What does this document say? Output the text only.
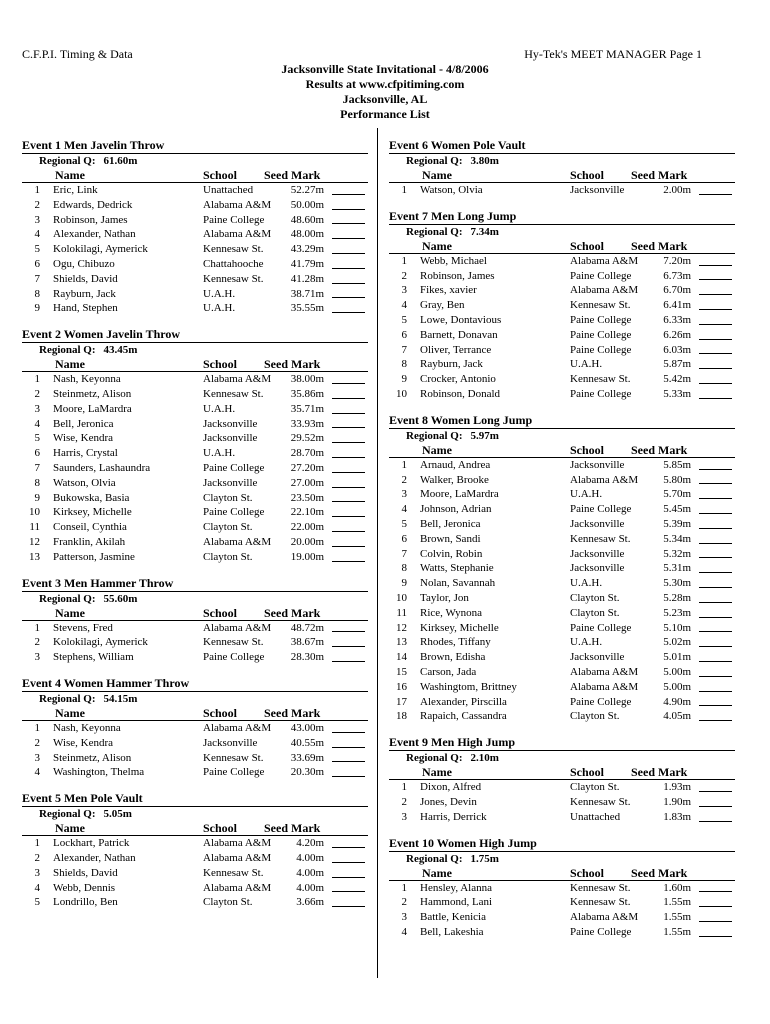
C.F.P.I. Timing & Data	Hy-Tek's MEET MANAGER Page 1
Jacksonville State Invitational - 4/8/2006
Results at www.cfpitiming.com
Jacksonville, AL
Performance List
Event 1 Men Javelin Throw
Regional Q: 61.60m
Name	School Seed Mark
1 Eric, Link	Unattached	52.27m
2 Edwards, Dedrick	Alabama A&M 50.00m
3 Robinson, James	Paine College 48.60m
4 Alexander, Nathan	Alabama A&M 48.00m
5 Kolokilagi, Aymerick	Kennesaw St. 43.29m
6 Ogu, Chibuzo	Chattahooche 41.79m
7 Shields, David	Kennesaw St. 41.28m
8 Rayburn, Jack	U.A.H.	38.71m
9 Hand, Stephen	U.A.H.	35.55m
Event 2 Women Javelin Throw
Regional Q: 43.45m
Name	School Seed Mark
1 Nash, Keyonna	Alabama A&M 38.00m
2 Steinmetz, Alison	Kennesaw St. 35.86m
3 Moore, LaMardra	U.A.H.	35.71m
4 Bell, Jeronica	Jacksonville	33.93m
5 Wise, Kendra	Jacksonville	29.52m
6 Harris, Crystal	U.A.H.	28.70m
7 Saunders, Lashaundra	Paine College 27.20m
8 Watson, Olvia	Jacksonville	27.00m
9 Bukowska, Basia	Clayton St.	23.50m
10 Kirksey, Michelle	Paine College 22.10m
11 Conseil, Cynthia	Clayton St.	22.00m
12 Franklin, Akilah	Alabama A&M 20.00m
13 Patterson, Jasmine	Clayton St.	19.00m
Event 3 Men Hammer Throw
Regional Q: 55.60m
Name	School Seed Mark
1 Stevens, Fred	Alabama A&M 48.72m
2 Kolokilagi, Aymerick	Kennesaw St. 38.67m
3 Stephens, William	Paine College 28.30m
Event 4 Women Hammer Throw
Regional Q: 54.15m
Name	School Seed Mark
1 Nash, Keyonna	Alabama A&M 43.00m
2 Wise, Kendra	Jacksonville	40.55m
3 Steinmetz, Alison	Kennesaw St. 33.69m
4 Washington, Thelma	Paine College 20.30m
Event 5 Men Pole Vault
Regional Q: 5.05m
Name	School Seed Mark
1 Lockhart, Patrick	Alabama A&M 4.20m
2 Alexander, Nathan	Alabama A&M 4.00m
3 Shields, David	Kennesaw St.	4.00m
4 Webb, Dennis	Alabama A&M 4.00m
5 Londrillo, Ben	Clayton St.	3.66m
Event 6 Women Pole Vault
Regional Q: 3.80m
Name	School Seed Mark
1 Watson, Olvia	Jacksonville	2.00m
Event 7 Men Long Jump
Regional Q: 7.34m
Name	School Seed Mark
1 Webb, Michael	Alabama A&M 7.20m
2 Robinson, James	Paine College	6.73m
3 Fikes, xavier	Alabama A&M 6.70m
4 Gray, Ben	Kennesaw St.	6.41m
5 Lowe, Dontavious	Paine College	6.33m
6 Barnett, Donavan	Paine College	6.26m
7 Oliver, Terrance	Paine College	6.03m
8 Rayburn, Jack	U.A.H.	5.87m
9 Crocker, Antonio	Kennesaw St.	5.42m
10 Robinson, Donald	Paine College	5.33m
Event 8 Women Long Jump
Regional Q: 5.97m
Name	School Seed Mark
1 Arnaud, Andrea	Jacksonville	5.85m
2 Walker, Brooke	Alabama A&M 5.80m
3 Moore, LaMardra	U.A.H.	5.70m
4 Johnson, Adrian	Paine College	5.45m
5 Bell, Jeronica	Jacksonville	5.39m
6 Brown, Sandi	Kennesaw St.	5.34m
7 Colvin, Robin	Jacksonville	5.32m
8 Watts, Stephanie	Jacksonville	5.31m
9 Nolan, Savannah	U.A.H.	5.30m
10 Taylor, Jon	Clayton St.	5.28m
11 Rice, Wynona	Clayton St.	5.23m
12 Kirksey, Michelle	Paine College	5.10m
13 Rhodes, Tiffany	U.A.H.	5.02m
14 Brown, Edisha	Jacksonville	5.01m
15 Carson, Jada	Alabama A&M 5.00m
16 Washingtom, Brittney	Alabama A&M 5.00m
17 Alexander, Pirscilla	Paine College	4.90m
18 Rapaich, Cassandra	Clayton St.	4.05m
Event 9 Men High Jump
Regional Q: 2.10m
Name	School Seed Mark
1 Dixon, Alfred	Clayton St.	1.93m
2 Jones, Devin	Kennesaw St.	1.90m
3 Harris, Derrick	Unattached	1.83m
Event 10 Women High Jump
Regional Q: 1.75m
Name	School Seed Mark
1 Hensley, Alanna	Kennesaw St.	1.60m
2 Hammond, Lani	Kennesaw St.	1.55m
3 Battle, Kenicia	Alabama A&M 1.55m
4 Bell, Lakeshia	Paine College	1.55m
